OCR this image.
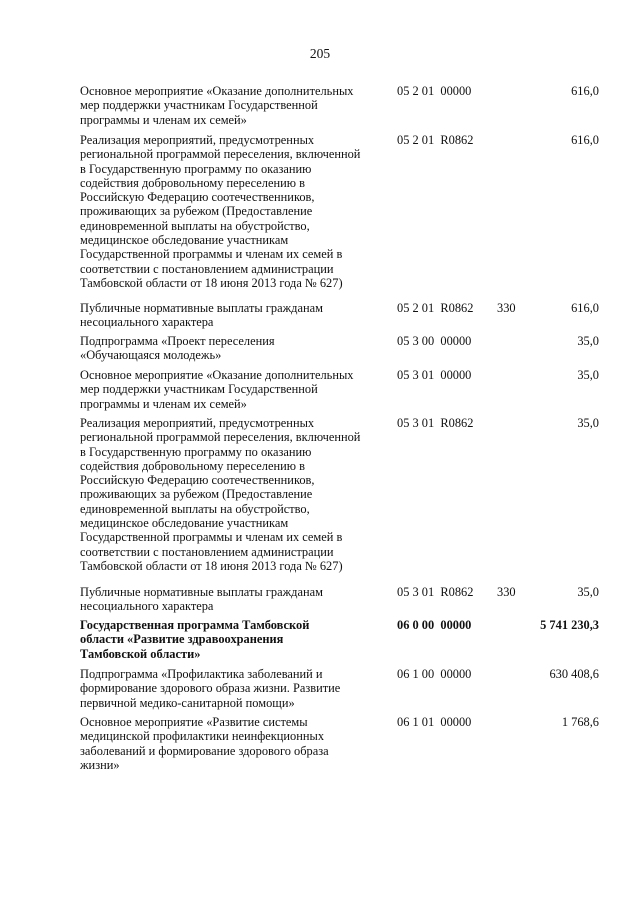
205
Основное мероприятие «Оказание дополнительных
мер поддержки участникам Государственной
программы и членам их семей»
05 2 01  00000	616,0
Реализация мероприятий, предусмотренных
региональной программой переселения, включенной
в Государственную программу по оказанию
содействия добровольному переселению в
Российскую Федерацию соотечественников,
проживающих за рубежом (Предоставление
единовременной выплаты на обустройство,
медицинское обследование участникам
Государственной программы и членам их семей в
соответствии с постановлением администрации
Тамбовской области от 18 июня 2013 года № 627)
05 2 01  R0862	616,0
Публичные нормативные выплаты гражданам
несоциального характера
05 2 01  R0862 330	616,0
Подпрограмма «Проект переселения
«Обучающаяся молодежь»
05 3 00  00000	35,0
Основное мероприятие «Оказание дополнительных
мер поддержки участникам Государственной
программы и членам их семей»
05 3 01  00000	35,0
Реализация мероприятий, предусмотренных
региональной программой переселения, включенной
в Государственную программу по оказанию
содействия добровольному переселению в
Российскую Федерацию соотечественников,
проживающих за рубежом (Предоставление
единовременной выплаты на обустройство,
медицинское обследование участникам
Государственной программы и членам их семей в
соответствии с постановлением администрации
Тамбовской области от 18 июня 2013 года № 627)
05 3 01  R0862	35,0
Публичные нормативные выплаты гражданам
несоциального характера
05 3 01  R0862 330	35,0
Государственная программа Тамбовской
области «Развитие здравоохранения
Тамбовской области»
06 0 00  00000	5 741 230,3
Подпрограмма «Профилактика заболеваний и
формирование здорового образа жизни. Развитие
первичной медико-санитарной помощи»
06 1 00  00000	630 408,6
Основное мероприятие «Развитие системы
медицинской профилактики неинфекционных
заболеваний и формирование здорового образа
жизни»
06 1 01  00000	1 768,6
